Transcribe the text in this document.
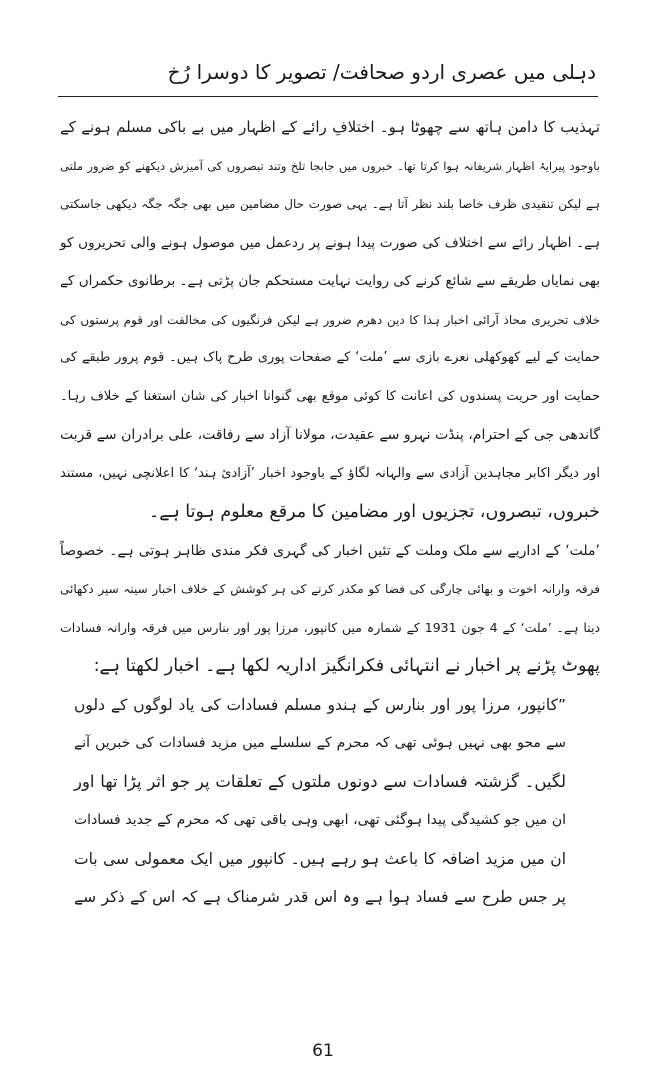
دہلی میں عصری اردو صحافت/ تصویر کا دوسرا رُخ
تہذیب کا دامن ہاتھ سے چھوٹا ہو۔ اختلافِ رائے کے اظہار میں بے باکی مسلم ہونے کے
باوجود پیرایۂ اظہار شریفانہ ہوا کرتا تھا۔ خبروں میں جابجا تلخ وتند تبصروں کی آمیزش دیکھنے کو ضرور ملتی
ہے لیکن تنقیدی ظرف خاصا بلند نظر آتا ہے۔ یہی صورت حال مضامین میں بھی جگہ جگہ دیکھی جاسکتی
ہے۔ اظہار رائے سے اختلاف کی صورت پیدا ہونے پر ردعمل میں موصول ہونے والی تحریروں کو
بھی نمایاں طریقے سے شائع کرنے کی روایت نہایت مستحکم جان پڑتی ہے۔ برطانوی حکمراں کے
خلاف تحریری محاذ آرائی اخبار ہذا کا دین دھرم ضرور ہے لیکن فرنگیوں کی مخالفت اور قوم پرستوں کی
حمایت کے لیے کھوکھلی نعرے بازی سے ’ملت‘ کے صفحات پوری طرح پاک ہیں۔ قوم پرور طبقے کی
حمایت اور حریت پسندوں کی اعانت کا کوئی موقع بھی گنوانا اخبار کی شان استغنا کے خلاف رہا۔
گاندھی جی کے احترام، پنڈت نہرو سے عقیدت، مولانا آزاد سے رفاقت، علی برادران سے قربت
اور دیگر اکابر مجاہدین آزادی سے والہانہ لگاؤ کے باوجود اخبار ’آزادیٔ ہند‘ کا اعلانچی نہیں، مستند
خبروں، تبصروں، تجزیوں اور مضامین کا مرقع معلوم ہوتا ہے۔
’ملت‘ کے اداریے سے ملک وملت کے تئیں اخبار کی گہری فکر مندی ظاہر ہوتی ہے۔ خصوصاً
فرقہ وارانہ اخوت و بھائی چارگی کی فضا کو مکدر کرنے کی ہر کوشش کے خلاف اخبار سینہ سپر دکھائی
دیتا ہے۔ ’ملت‘ کے 4 جون 1931 کے شمارہ میں کانپور، مرزا پور اور بنارس میں فرقہ وارانہ فسادات
پھوٹ پڑنے پر اخبار نے انتہائی فکرانگیز اداریہ لکھا ہے۔ اخبار لکھتا ہے:
”کانپور، مرزا پور اور بنارس کے ہندو مسلم فسادات کی یاد لوگوں کے دلوں
سے محو بھی نہیں ہوئی تھی کہ محرم کے سلسلے میں مزید فسادات کی خبریں آنے
لگیں۔ گزشتہ فسادات سے دونوں ملتوں کے تعلقات پر جو اثر پڑا تھا اور
ان میں جو کشیدگی پیدا ہوگئی تھی، ابھی وہی باقی تھی کہ محرم کے جدید فسادات
ان میں مزید اضافہ کا باعث ہو رہے ہیں۔ کانپور میں ایک معمولی سی بات
پر جس طرح سے فساد ہوا ہے وہ اس قدر شرمناک ہے کہ اس کے ذکر سے
61
